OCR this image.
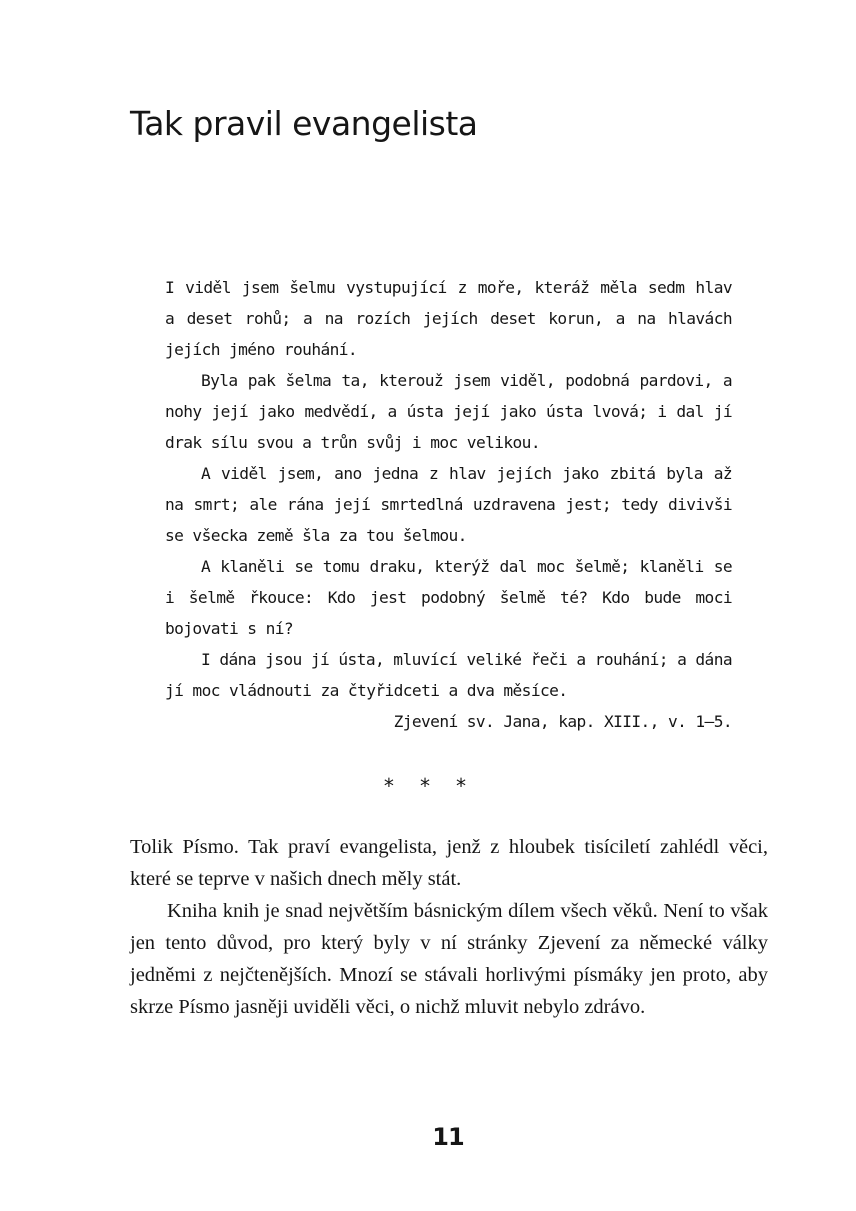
Tak pravil evangelista

I viděl jsem šelmu vystupující z moře, kteráž měla sedm hlav a deset rohů; a na rozích jejích deset korun, a na hlavách jejích jméno rouhání.

Byla pak šelma ta, kterouž jsem viděl, podobná pardovi, a nohy její jako medvědí, a ústa její jako ústa lvová; i dal jí drak sílu svou a trůn svůj i moc velikou.

A viděl jsem, ano jedna z hlav jejích jako zbitá byla až na smrt; ale rána její smrtedlná uzdravena jest; tedy divivši se všecka země šla za tou šelmou.

A klaněli se tomu draku, kterýž dal moc šelmě; klaněli se i šelmě řkouce: Kdo jest podobný šelmě té? Kdo bude moci bojovati s ní?

I dána jsou jí ústa, mluvící veliké řeči a rouhání; a dána jí moc vládnouti za čtyřidceti a dva měsíce.

Zjevení sv. Jana, kap. XIII., v. 1–5.

* * *

Tolik Písmo. Tak praví evangelista, jenž z hloubek tisíciletí zahlédl věci, které se teprve v našich dnech měly stát.

Kniha knih je snad největším básnickým dílem všech věků. Není to však jen tento důvod, pro který byly v ní stránky Zjevení za německé války jedněmi z nejčtenějších. Mnozí se stávali horlivými písmáky jen proto, aby skrze Písmo jasněji uviděli věci, o nichž mluvit nebylo zdrávo.

11
